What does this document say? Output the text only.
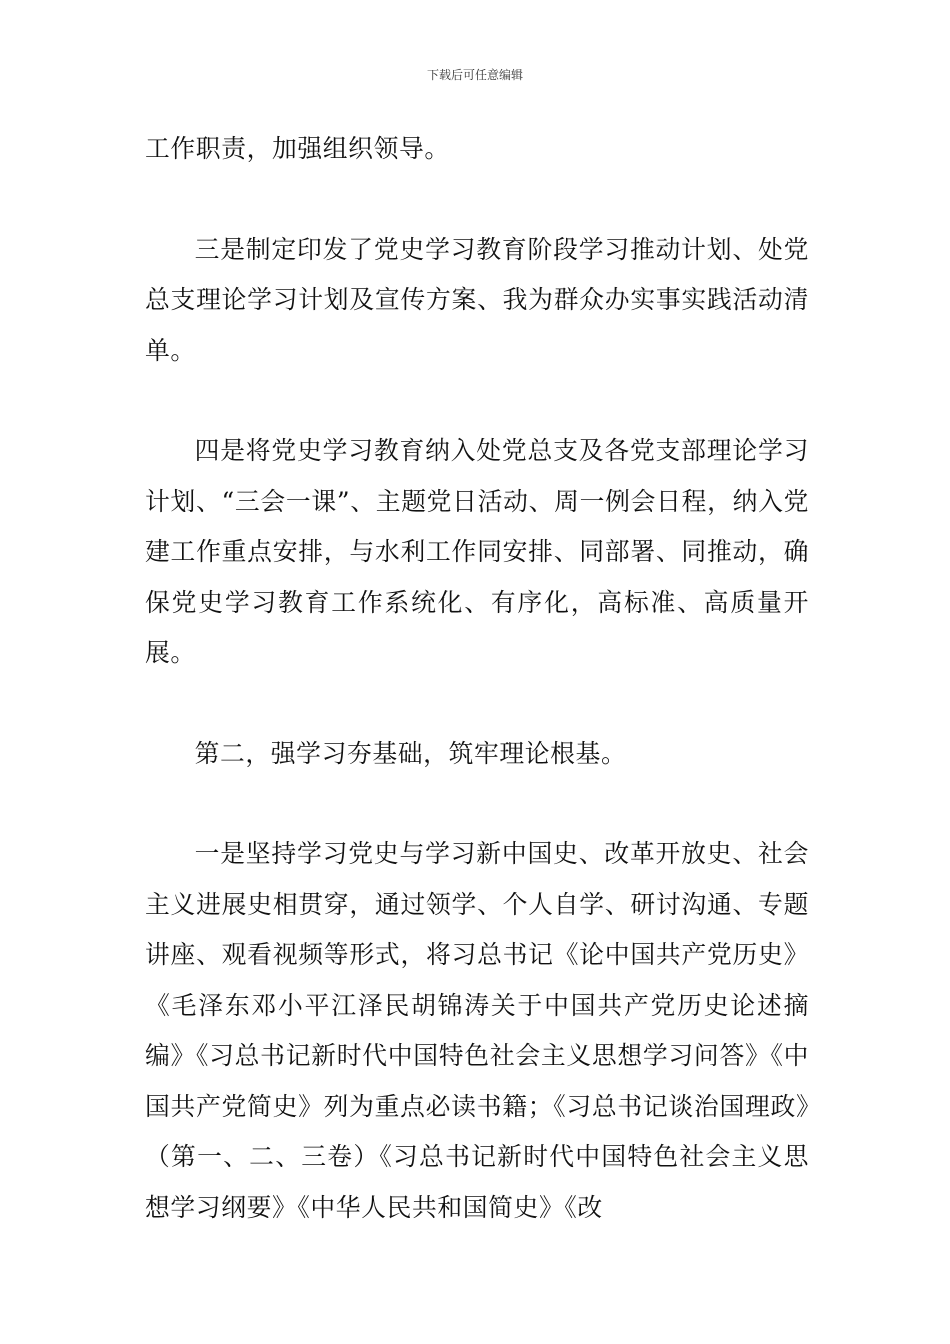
下载后可任意编辑

工作职责，加强组织领导。

三是制定印发了党史学习教育阶段学习推动计划、处党总支理论学习计划及宣传方案、我为群众办实事实践活动清单。

四是将党史学习教育纳入处党总支及各党支部理论学习计划、“三会一课”、主题党日活动、周一例会日程，纳入党建工作重点安排，与水利工作同安排、同部署、同推动，确保党史学习教育工作系统化、有序化，高标准、高质量开展。

第二，强学习夯基础，筑牢理论根基。

一是坚持学习党史与学习新中国史、改革开放史、社会主义进展史相贯穿，通过领学、个人自学、研讨沟通、专题讲座、观看视频等形式，将习总书记《论中国共产党历史》《毛泽东邓小平江泽民胡锦涛关于中国共产党历史论述摘编》《习总书记新时代中国特色社会主义思想学习问答》《中国共产党简史》列为重点必读书籍；《习总书记谈治国理政》（第一、二、三卷）《习总书记新时代中国特色社会主义思想学习纲要》《中华人民共和国简史》《改
